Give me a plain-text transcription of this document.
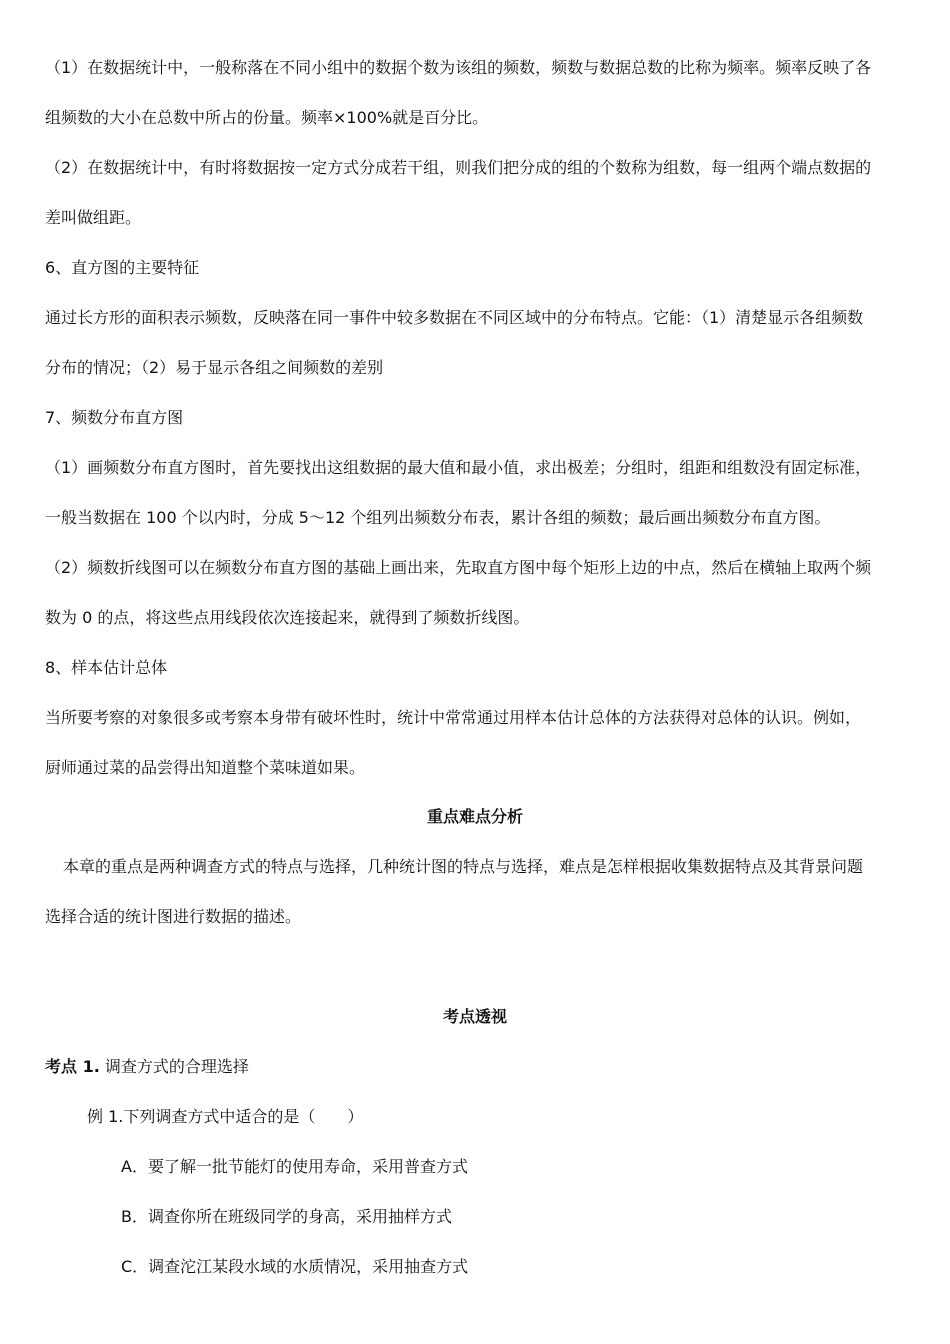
（1）在数据统计中，一般称落在不同小组中的数据个数为该组的频数，频数与数据总数的比称为频率。频率反映了各
组频数的大小在总数中所占的份量。频率×100%就是百分比。
（2）在数据统计中，有时将数据按一定方式分成若干组，则我们把分成的组的个数称为组数，每一组两个端点数据的
差叫做组距。
6、直方图的主要特征
通过长方形的面积表示频数，反映落在同一事件中较多数据在不同区域中的分布特点。它能：（1）清楚显示各组频数
分布的情况；（2）易于显示各组之间频数的差别
7、频数分布直方图
（1）画频数分布直方图时，首先要找出这组数据的最大值和最小值，求出极差；分组时，组距和组数没有固定标准，
一般当数据在 100 个以内时，分成 5～12 个组列出频数分布表，累计各组的频数；最后画出频数分布直方图。
（2）频数折线图可以在频数分布直方图的基础上画出来，先取直方图中每个矩形上边的中点，然后在横轴上取两个频
数为 0 的点，将这些点用线段依次连接起来，就得到了频数折线图。
8、样本估计总体
当所要考察的对象很多或考察本身带有破坏性时，统计中常常通过用样本估计总体的方法获得对总体的认识。例如，
厨师通过菜的品尝得出知道整个菜味道如果。
重点难点分析
本章的重点是两种调查方式的特点与选择，几种统计图的特点与选择，难点是怎样根据收集数据特点及其背景问题
选择合适的统计图进行数据的描述。
考点透视
考点 1. 调查方式的合理选择
例 1.下列调查方式中适合的是（　　）
A．要了解一批节能灯的使用寿命，采用普查方式
B．调查你所在班级同学的身高，采用抽样方式
C．调查沱江某段水域的水质情况，采用抽查方式
